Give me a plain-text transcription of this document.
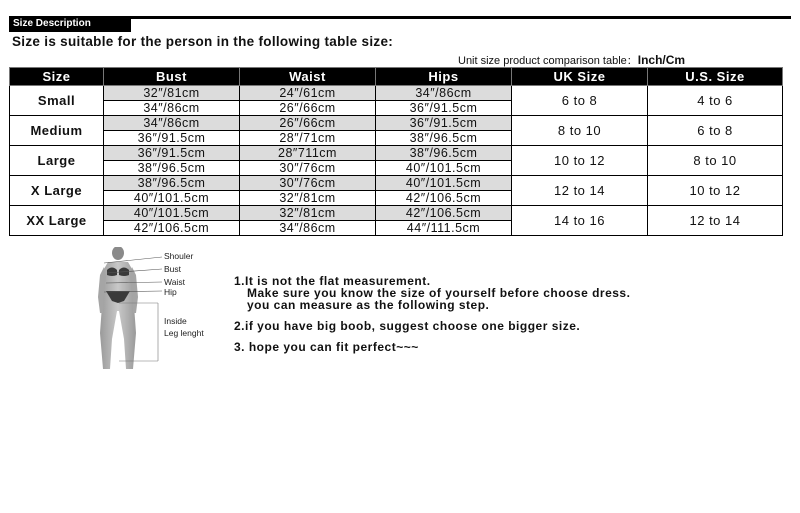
Size Description
Size is suitable for the person in the following table size:
Unit size product comparison table：Inch/Cm
Size	Bust	Waist	Hips	UK Size	U.S. Size
Small	32″/81cm	24″/61cm	34″/86cm	6 to 8	4 to 6
	34″/86cm	26″/66cm	36″/91.5cm		
Medium	34″/86cm	26″/66cm	36″/91.5cm	8 to 10	6 to 8
	36″/91.5cm	28″/71cm	38″/96.5cm		
Large	36″/91.5cm	28″711cm	38″/96.5cm	10 to 12	8 to 10
	38″/96.5cm	30″/76cm	40″/101.5cm		
X Large	38″/96.5cm	30″/76cm	40″/101.5cm	12 to 14	10 to 12
	40″/101.5cm	32″/81cm	42″/106.5cm		
XX Large	40″/101.5cm	32″/81cm	42″/106.5cm	14 to 16	12 to 14
	42″/106.5cm	34″/86cm	44″/111.5cm		
Shouler
Bust
Waist
Hip
Inside
Leg lenght

1.It is not the flat measurement.

Make sure you know the size of yourself before choose dress.

you can measure as the following step.

2.if you have big boob, suggest choose one bigger size.

3. hope you can fit perfect~~~
